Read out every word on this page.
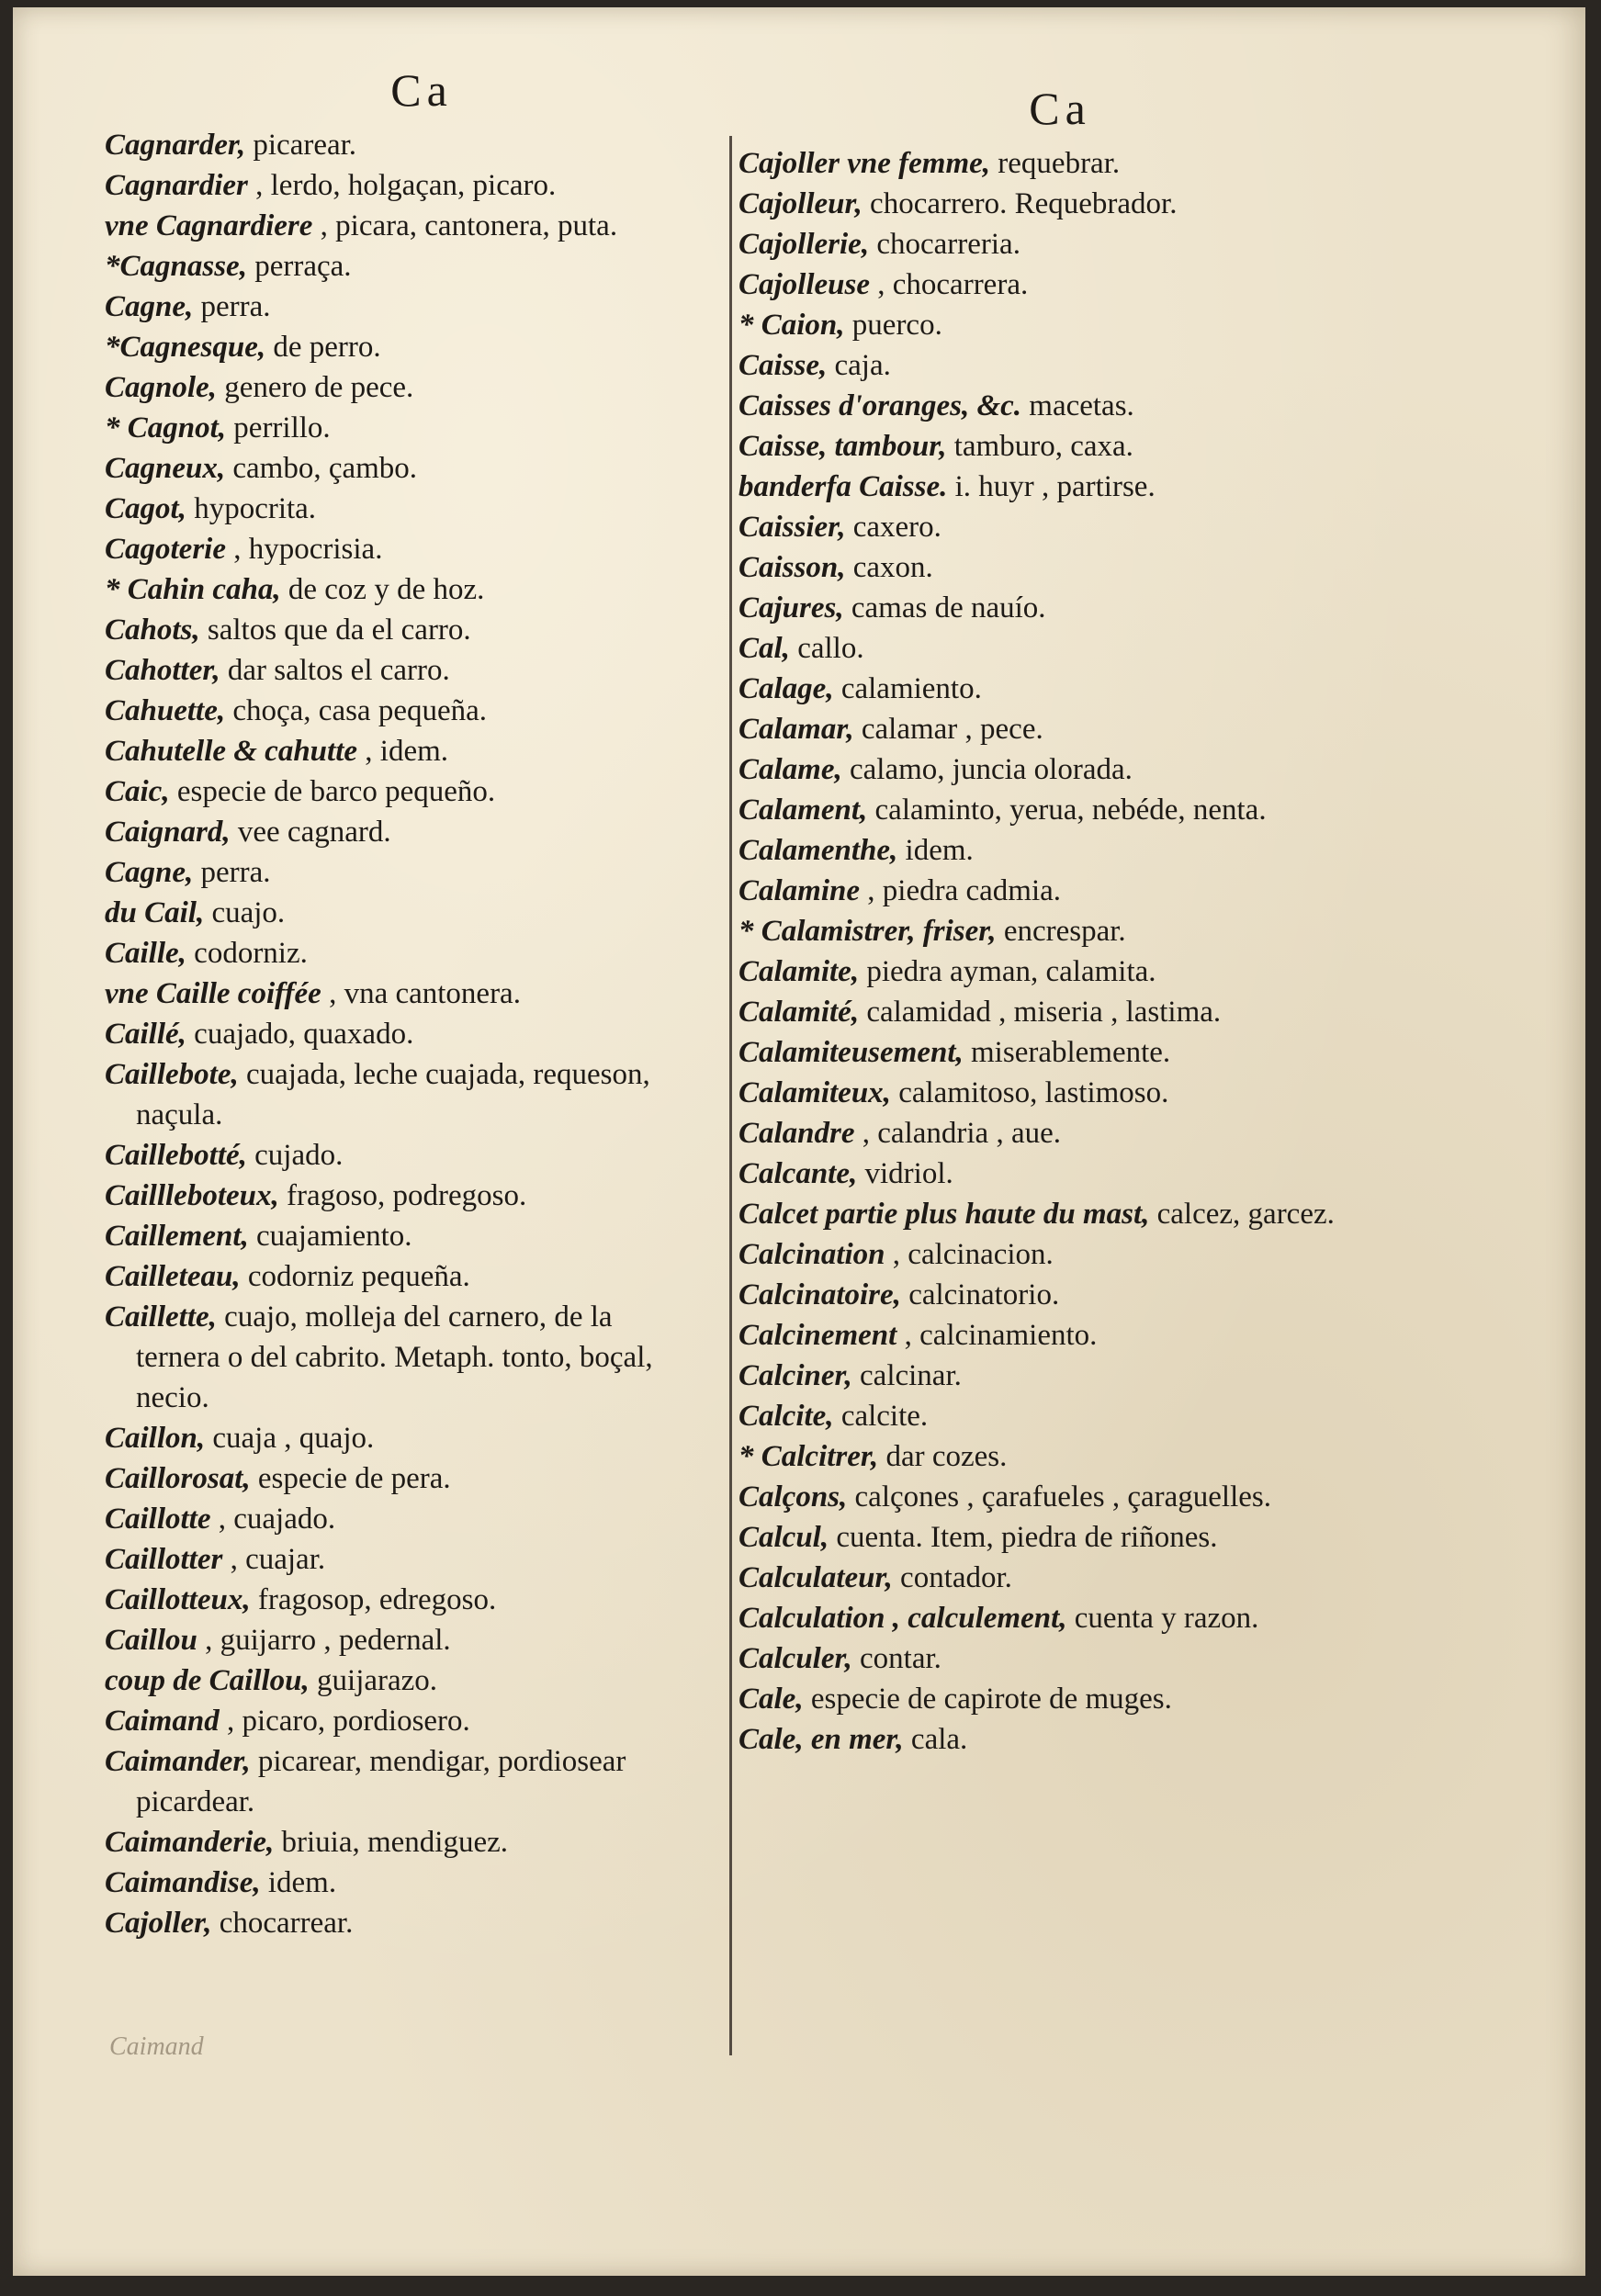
Ca

Cagnarder, picarear.

Cagnardier , lerdo, holgaçan, picaro.

vne Cagnardiere , picara, cantonera, puta.

*Cagnasse, perraça.

Cagne, perra.

*Cagnesque, de perro.

Cagnole, genero de pece.

* Cagnot, perrillo.

Cagneux, cambo, çambo.

Cagot, hypocrita.

Cagoterie , hypocrisia.

* Cahin caha, de coz y de hoz.

Cahots, saltos que da el carro.

Cahotter, dar saltos el carro.

Cahuette, choça, casa pequeña.

Cahutelle & cahutte , idem.

Caic, especie de barco pequeño.

Caignard, vee cagnard.

Cagne, perra.

du Cail, cuajo.

Caille, codorniz.

vne Caille coiffée , vna cantonera.

Caillé, cuajado, quaxado.

Caillebote, cuajada, leche cuajada, requeson, naçula.

Caillebotté, cujado.

Caillleboteux, fragoso, podregoso.

Caillement, cuajamiento.

Cailleteau, codorniz pequeña.

Caillette, cuajo, molleja del carnero, de la ternera o del cabrito. Metaph. tonto, boçal, necio.

Caillon, cuaja , quajo.

Caillorosat, especie de pera.

Caillotte , cuajado.

Caillotter , cuajar.

Caillotteux, fragosop, edregoso.

Caillou , guijarro , pedernal.

coup de Caillou, guijarazo.

Caimand , picaro, pordiosero.

Caimander, picarear, mendigar, pordiosear picardear.

Caimanderie, briuia, mendiguez.

Caimandise, idem.

Cajoller, chocarrear.

Ca

Cajoller vne femme, requebrar.

Cajolleur, chocarrero. Requebrador.

Cajollerie, chocarreria.

Cajolleuse , chocarrera.

* Caion, puerco.

Caisse, caja.

Caisses d'oranges, &c. macetas.

Caisse, tambour, tamburo, caxa.

banderfa Caisse. i. huyr , partirse.

Caissier, caxero.

Caisson, caxon.

Cajures, camas de nauío.

Cal, callo.

Calage, calamiento.

Calamar, calamar , pece.

Calame, calamo, juncia olorada.

Calament, calaminto, yerua, nebéde, nenta.

Calamenthe, idem.

Calamine , piedra cadmia.

* Calamistrer, friser, encrespar.

Calamite, piedra ayman, calamita.

Calamité, calamidad , miseria , lastima.

Calamiteusement, miserablemente.

Calamiteux, calamitoso, lastimoso.

Calandre , calandria , aue.

Calcante, vidriol.

Calcet partie plus haute du mast, calcez, garcez.

Calcination , calcinacion.

Calcinatoire, calcinatorio.

Calcinement , calcinamiento.

Calciner, calcinar.

Calcite, calcite.

* Calcitrer, dar cozes.

Calçons, calçones , çarafueles , çaraguelles.

Calcul, cuenta. Item, piedra de riñones.

Calculateur, contador.

Calculation , calculement, cuenta y razon.

Calculer, contar.

Cale, especie de capirote de muges.

Cale, en mer, cala.

Caimand
